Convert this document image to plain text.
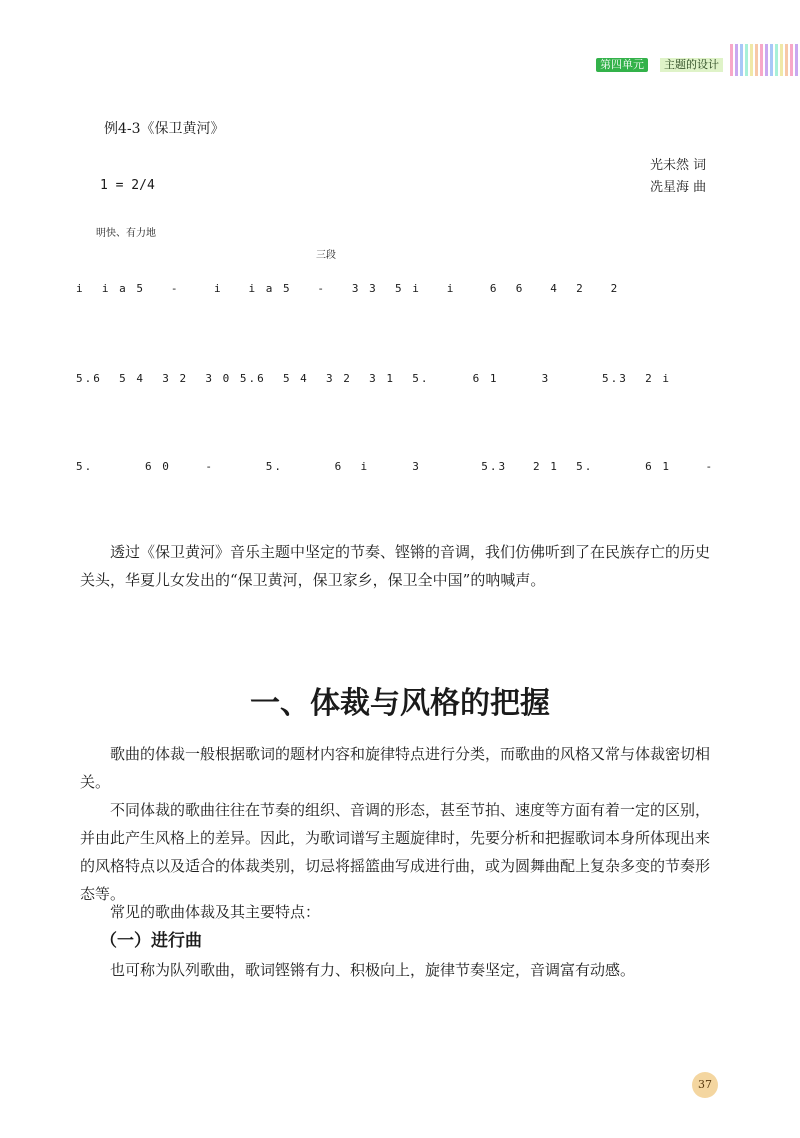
第四单元	主题的设计
例4-3《保卫黄河》
光未然 词
冼星海 曲
1 = 2/4
明快、有力地
三段
i  i a 5   -    i   i a 5   -   3 3  5 i   i    6  6   4  2   2
5.6  5 4  3 2  3 0 5.6  5 4  3 2  3 1  5.     6 1     3      5.3  2 i
5.      6 0    -      5.      6  i     3       5.3   2 1  5.      6 1    -

透过《保卫黄河》音乐主题中坚定的节奏、铿锵的音调，我们仿佛听到了在民族存亡的历史关头，华夏儿女发出的“保卫黄河，保卫家乡，保卫全中国”的呐喊声。

一、体裁与风格的把握

歌曲的体裁一般根据歌词的题材内容和旋律特点进行分类，而歌曲的风格又常与体裁密切相关。

不同体裁的歌曲往往在节奏的组织、音调的形态，甚至节拍、速度等方面有着一定的区别，并由此产生风格上的差异。因此，为歌词谱写主题旋律时，先要分析和把握歌词本身所体现出来的风格特点以及适合的体裁类别，切忌将摇篮曲写成进行曲，或为圆舞曲配上复杂多变的节奏形态等。

常见的歌曲体裁及其主要特点：

（一）进行曲

也可称为队列歌曲，歌词铿锵有力、积极向上，旋律节奏坚定，音调富有动感。

37
